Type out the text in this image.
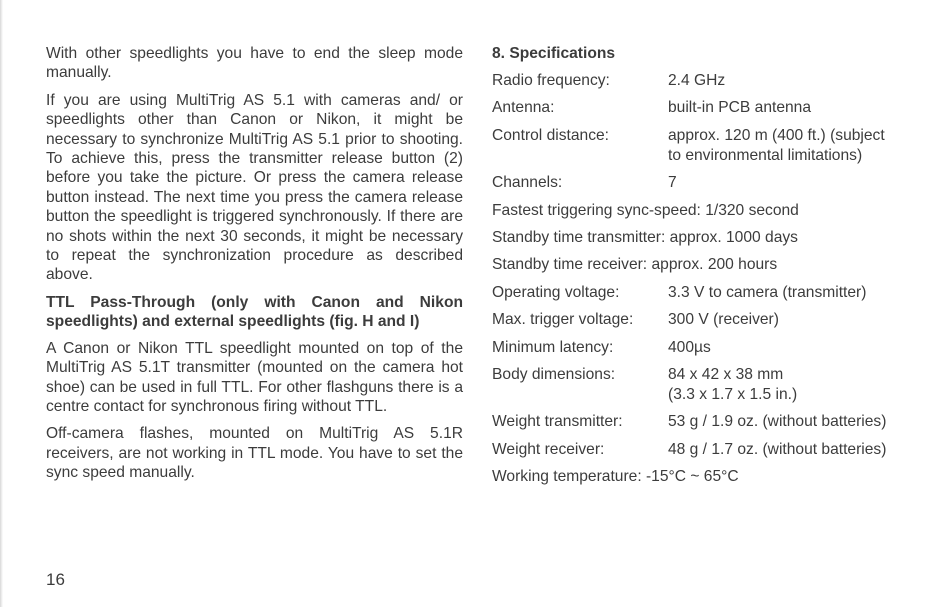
With other speedlights you have to end the sleep mode manually.

If you are using MultiTrig AS 5.1 with cameras and/ or speedlights other than Canon or Nikon, it might be necessary to synchronize MultiTrig AS 5.1 prior to shooting. To achieve this, press the transmitter release button (2) before you take the picture. Or press the camera release button instead. The next time you press the camera release button the speedlight is triggered synchronously. If there are no shots within the next 30 seconds, it might be necessary to repeat the synchronization procedure as described above.

TTL Pass-Through (only with Canon and Nikon speedlights) and external speedlights (fig. H and I)

A Canon or Nikon TTL speedlight mounted on top of the MultiTrig AS 5.1T transmitter (mounted on the camera hot shoe) can be used in full TTL. For other flashguns there is a centre contact for synchronous firing without TTL.

Off-camera flashes, mounted on MultiTrig AS 5.1R receivers, are not working in TTL mode. You have to set the sync speed manually.

8. Specifications
Radio frequency:	2.4 GHz
Antenna:	built-in PCB antenna
Control distance:	approx. 120 m (400 ft.) (subject
to environmental limitations)
Channels:	7
Fastest triggering sync-speed: 1/320 second
Standby time transmitter: approx. 1000 days
Standby time receiver: approx. 200 hours
Operating voltage:	3.3 V to camera (transmitter)
Max. trigger voltage:	300 V (receiver)
Minimum latency:	400µs
Body dimensions:	84 x 42 x 38 mm
(3.3 x 1.7 x 1.5 in.)
Weight transmitter:	53 g / 1.9 oz. (without batteries)
Weight receiver:	48 g / 1.7 oz. (without batteries)
Working temperature: -15°C ~ 65°C
16
